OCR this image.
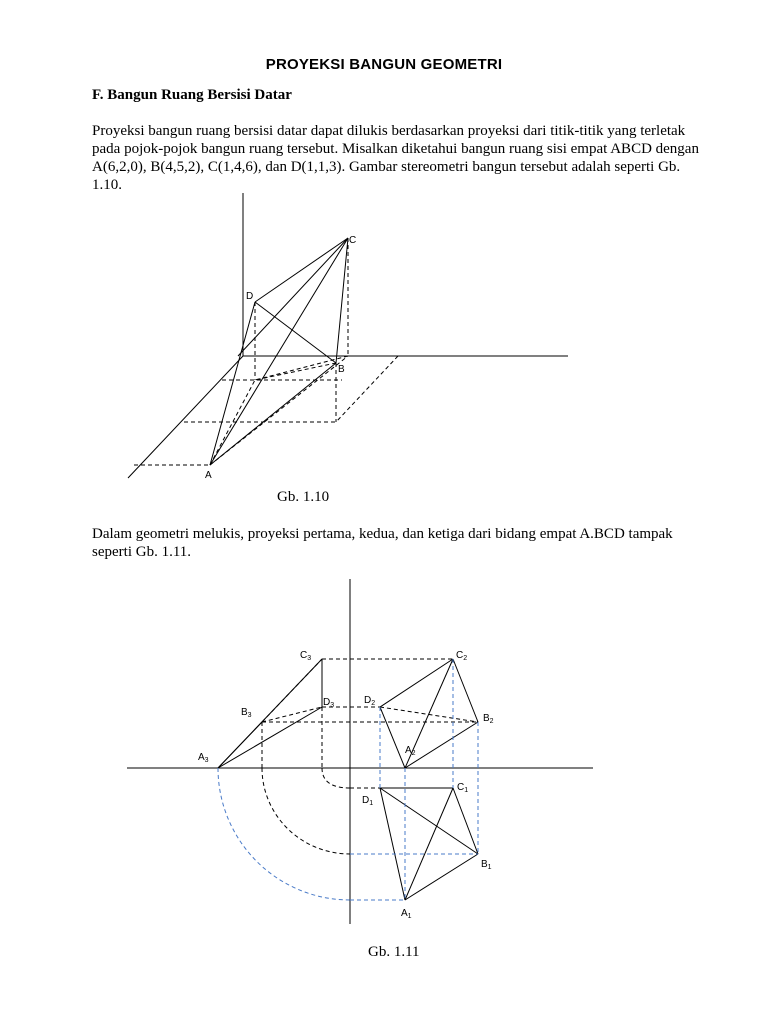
PROYEKSI BANGUN GEOMETRI
F. Bangun Ruang Bersisi Datar

Proyeksi bangun ruang bersisi datar dapat dilukis berdasarkan proyeksi dari titik-titik yang terletak pada pojok-pojok bangun ruang tersebut. Misalkan diketahui bangun ruang sisi empat ABCD dengan A(6,2,0), B(4,5,2), C(1,4,6), dan D(1,1,3). Gambar stereometri bangun tersebut adalah seperti Gb. 1.10.

C
D
B
A
Gb. 1.10

Dalam geometri melukis, proyeksi pertama, kedua, dan ketiga dari bidang empat A.BCD tampak seperti Gb. 1.11.

$A_3$
$B_3$
$C_3$
$D_3$
$C_2$
$D_2$
$B_2$
$A_2$
$C_1$
$D_1$
$B_1$
$A_1$
Gb. 1.11
